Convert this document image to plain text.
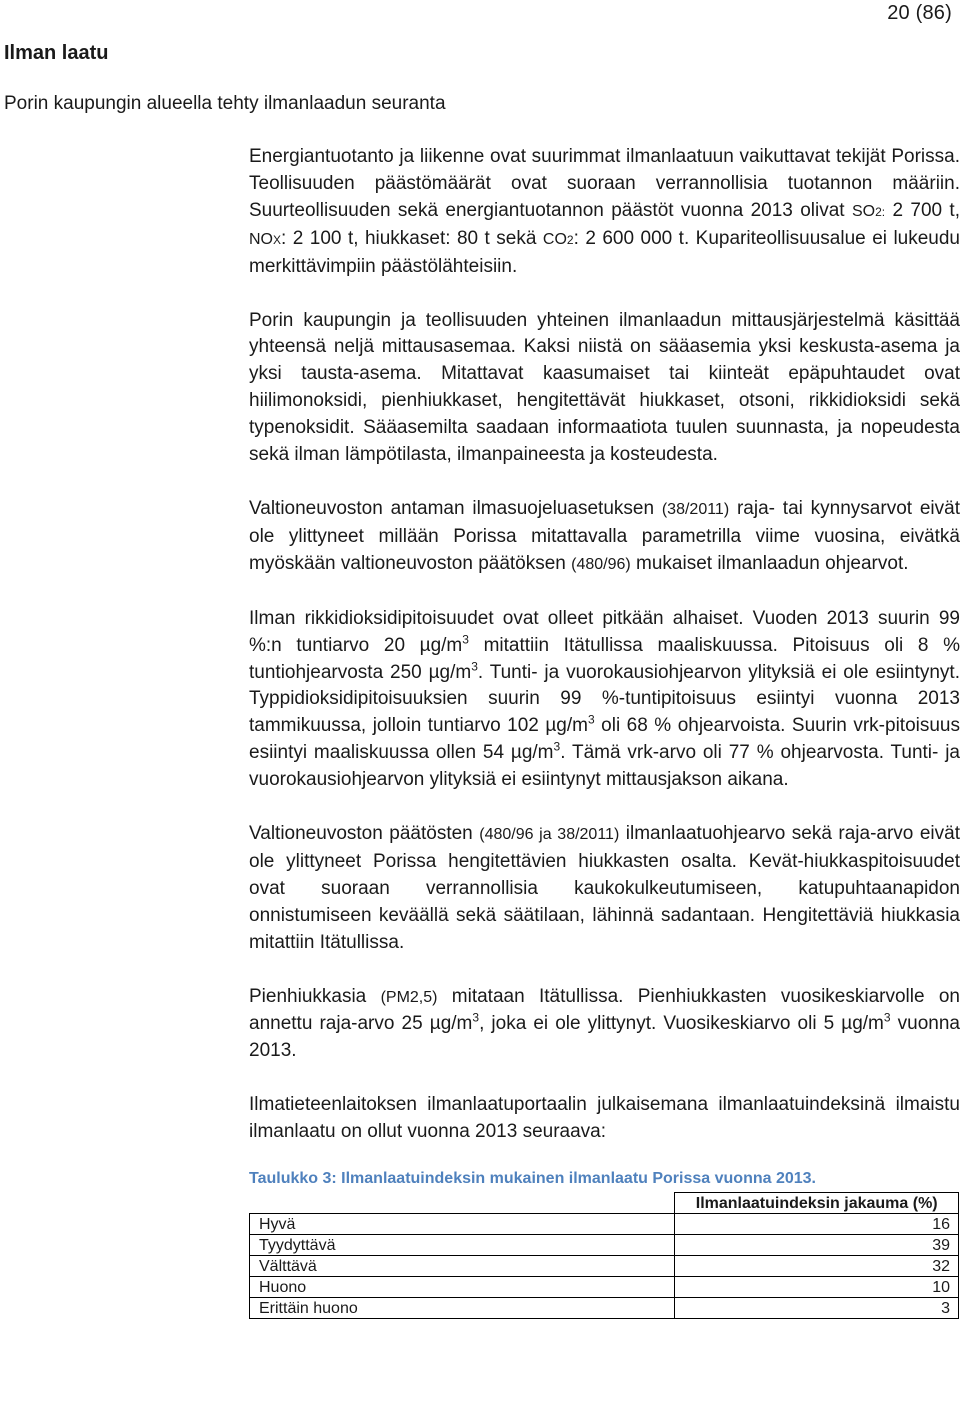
20 (86)
Ilman laatu
Porin kaupungin alueella tehty ilmanlaadun seuranta

Energiantuotanto ja liikenne ovat suurimmat ilmanlaatuun vaikuttavat tekijät Porissa. Teollisuuden päästömäärät ovat suoraan verrannollisia tuotannon määriin. Suurteollisuuden sekä energiantuotannon päästöt vuonna 2013 olivat SO2: 2 700 t, NOX: 2 100 t, hiukkaset: 80 t sekä CO2: 2 600 000 t. Kupariteollisuusalue ei lukeudu merkittävimpiin päästölähteisiin.

Porin kaupungin ja teollisuuden yhteinen ilmanlaadun mittausjärjestelmä käsittää yhteensä neljä mittausasemaa. Kaksi niistä on sääasemia yksi keskusta-asema ja yksi tausta-asema. Mitattavat kaasumaiset tai kiinteät epäpuhtaudet ovat hiilimonoksidi, pienhiukkaset, hengitettävät hiukkaset, otsoni, rikkidioksidi sekä typenoksidit. Sääasemilta saadaan informaatiota tuulen suunnasta, ja nopeudesta sekä ilman lämpötilasta, ilmanpaineesta ja kosteudesta.

Valtioneuvoston antaman ilmasuojeluasetuksen (38/2011) raja- tai kynnysarvot eivät ole ylittyneet millään Porissa mitattavalla parametrilla viime vuosina, eivätkä myöskään valtioneuvoston päätöksen (480/96) mukaiset ilmanlaadun ohjearvot.

Ilman rikkidioksidipitoisuudet ovat olleet pitkään alhaiset. Vuoden 2013 suurin 99 %:n tuntiarvo 20 $\mu g/m^3$ mitattiin Itätullissa maaliskuussa. Pitoisuus oli 8 % tuntiohjearvosta 250 $\mu g/m^3$. Tunti- ja vuorokausiohjearvon ylityksiä ei ole esiintynyt. Typpidioksidipitoisuuksien suurin 99 %-tuntipitoisuus esiintyi vuonna 2013 tammikuussa, jolloin tuntiarvo 102 $\mu g/m^3$ oli 68 % ohjearvoista. Suurin vrk-pitoisuus esiintyi maaliskuussa ollen 54 $\mu g/m^3$. Tämä vrk-arvo oli 77 % ohjearvosta. Tunti- ja vuorokausiohjearvon ylityksiä ei esiintynyt mittausjakson aikana.

Valtioneuvoston päätösten (480/96 ja 38/2011) ilmanlaatuohjearvo sekä raja-arvo eivät ole ylittyneet Porissa hengitettävien hiukkasten osalta. Kevät-hiukkaspitoisuudet ovat suoraan verrannollisia kaukokulkeutumiseen, katupuhtaanapidon onnistumiseen keväällä sekä säätilaan, lähinnä sadantaan. Hengitettäviä hiukkasia mitattiin Itätullissa.

Pienhiukkasia (PM2,5) mitataan Itätullissa. Pienhiukkasten vuosikeskiarvolle on annettu raja-arvo 25 $\mu g/m^3$, joka ei ole ylittynyt. Vuosikeskiarvo oli 5 $\mu g/m^3$ vuonna 2013.

Ilmatieteenlaitoksen ilmanlaatuportaalin julkaisemana ilmanlaatuindeksinä ilmaistu ilmanlaatu on ollut vuonna 2013 seuraava:

Taulukko 3: Ilmanlaatuindeksin mukainen ilmanlaatu Porissa vuonna 2013.
	Ilmanlaatuindeksin jakauma (%)
Hyvä	16
Tyydyttävä	39
Välttävä	32
Huono	10
Erittäin huono	3
